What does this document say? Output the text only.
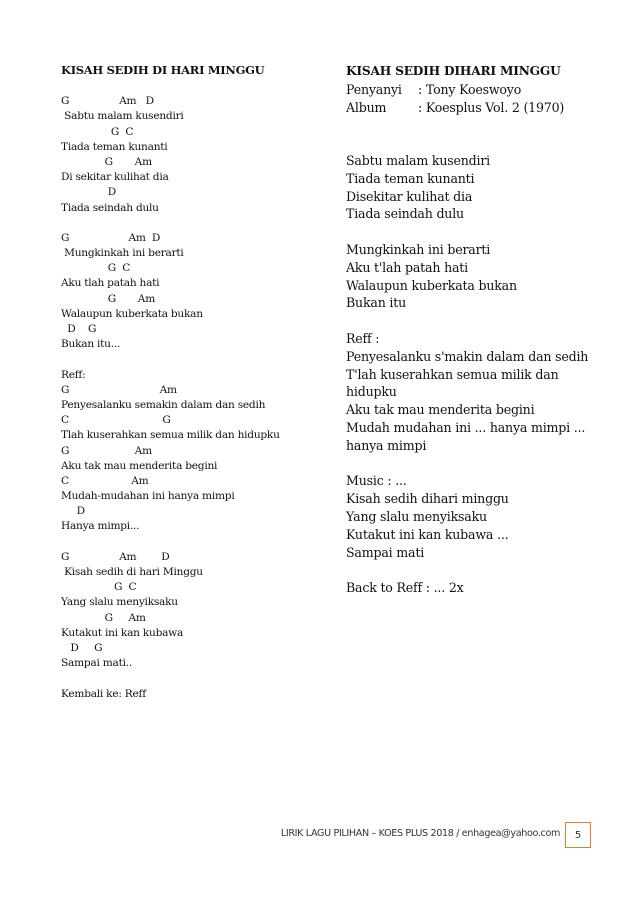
KISAH SEDIH DI HARI MINGGU
G                Am   D
Sabtu malam kusendiri
G  C
Tiada teman kunanti
G       Am
Di sekitar kulihat dia
D
Tiada seindah dulu
G                   Am  D
Mungkinkah ini berarti
G  C
Aku tlah patah hati
G       Am
Walaupun kuberkata bukan
D    G
Bukan itu...
Reff:
G                             Am
Penyesalanku semakin dalam dan sedih
C                              G
Tlah kuserahkan semua milik dan hidupku
G                     Am
Aku tak mau menderita begini
C                    Am
Mudah-mudahan ini hanya mimpi
D
Hanya mimpi...
G                Am        D
Kisah sedih di hari Minggu
G  C
Yang slalu menyiksaku
G     Am
Kutakut ini kan kubawa
D     G
Sampai mati..
Kembali ke: Reff
KISAH SEDIH DIHARI MINGGU
Penyanyi	: Tony Koeswoyo
Album	: Koesplus Vol. 2 (1970)
Sabtu malam kusendiri
Tiada teman kunanti
Disekitar kulihat dia
Tiada seindah dulu
Mungkinkah ini berarti
Aku t'lah patah hati
Walaupun kuberkata bukan
Bukan itu
Reff :
Penyesalanku s'makin dalam dan sedih
T'lah kuserahkan semua milik dan hidupku
Aku tak mau menderita begini
Mudah mudahan ini ... hanya mimpi ... hanya mimpi
Music : ...
Kisah sedih dihari minggu
Yang slalu menyiksaku
Kutakut ini kan kubawa ...
Sampai mati
Back to Reff : ... 2x
LIRIK LAGU PILIHAN – KOES PLUS 2018 / enhagea@yahoo.com	5
